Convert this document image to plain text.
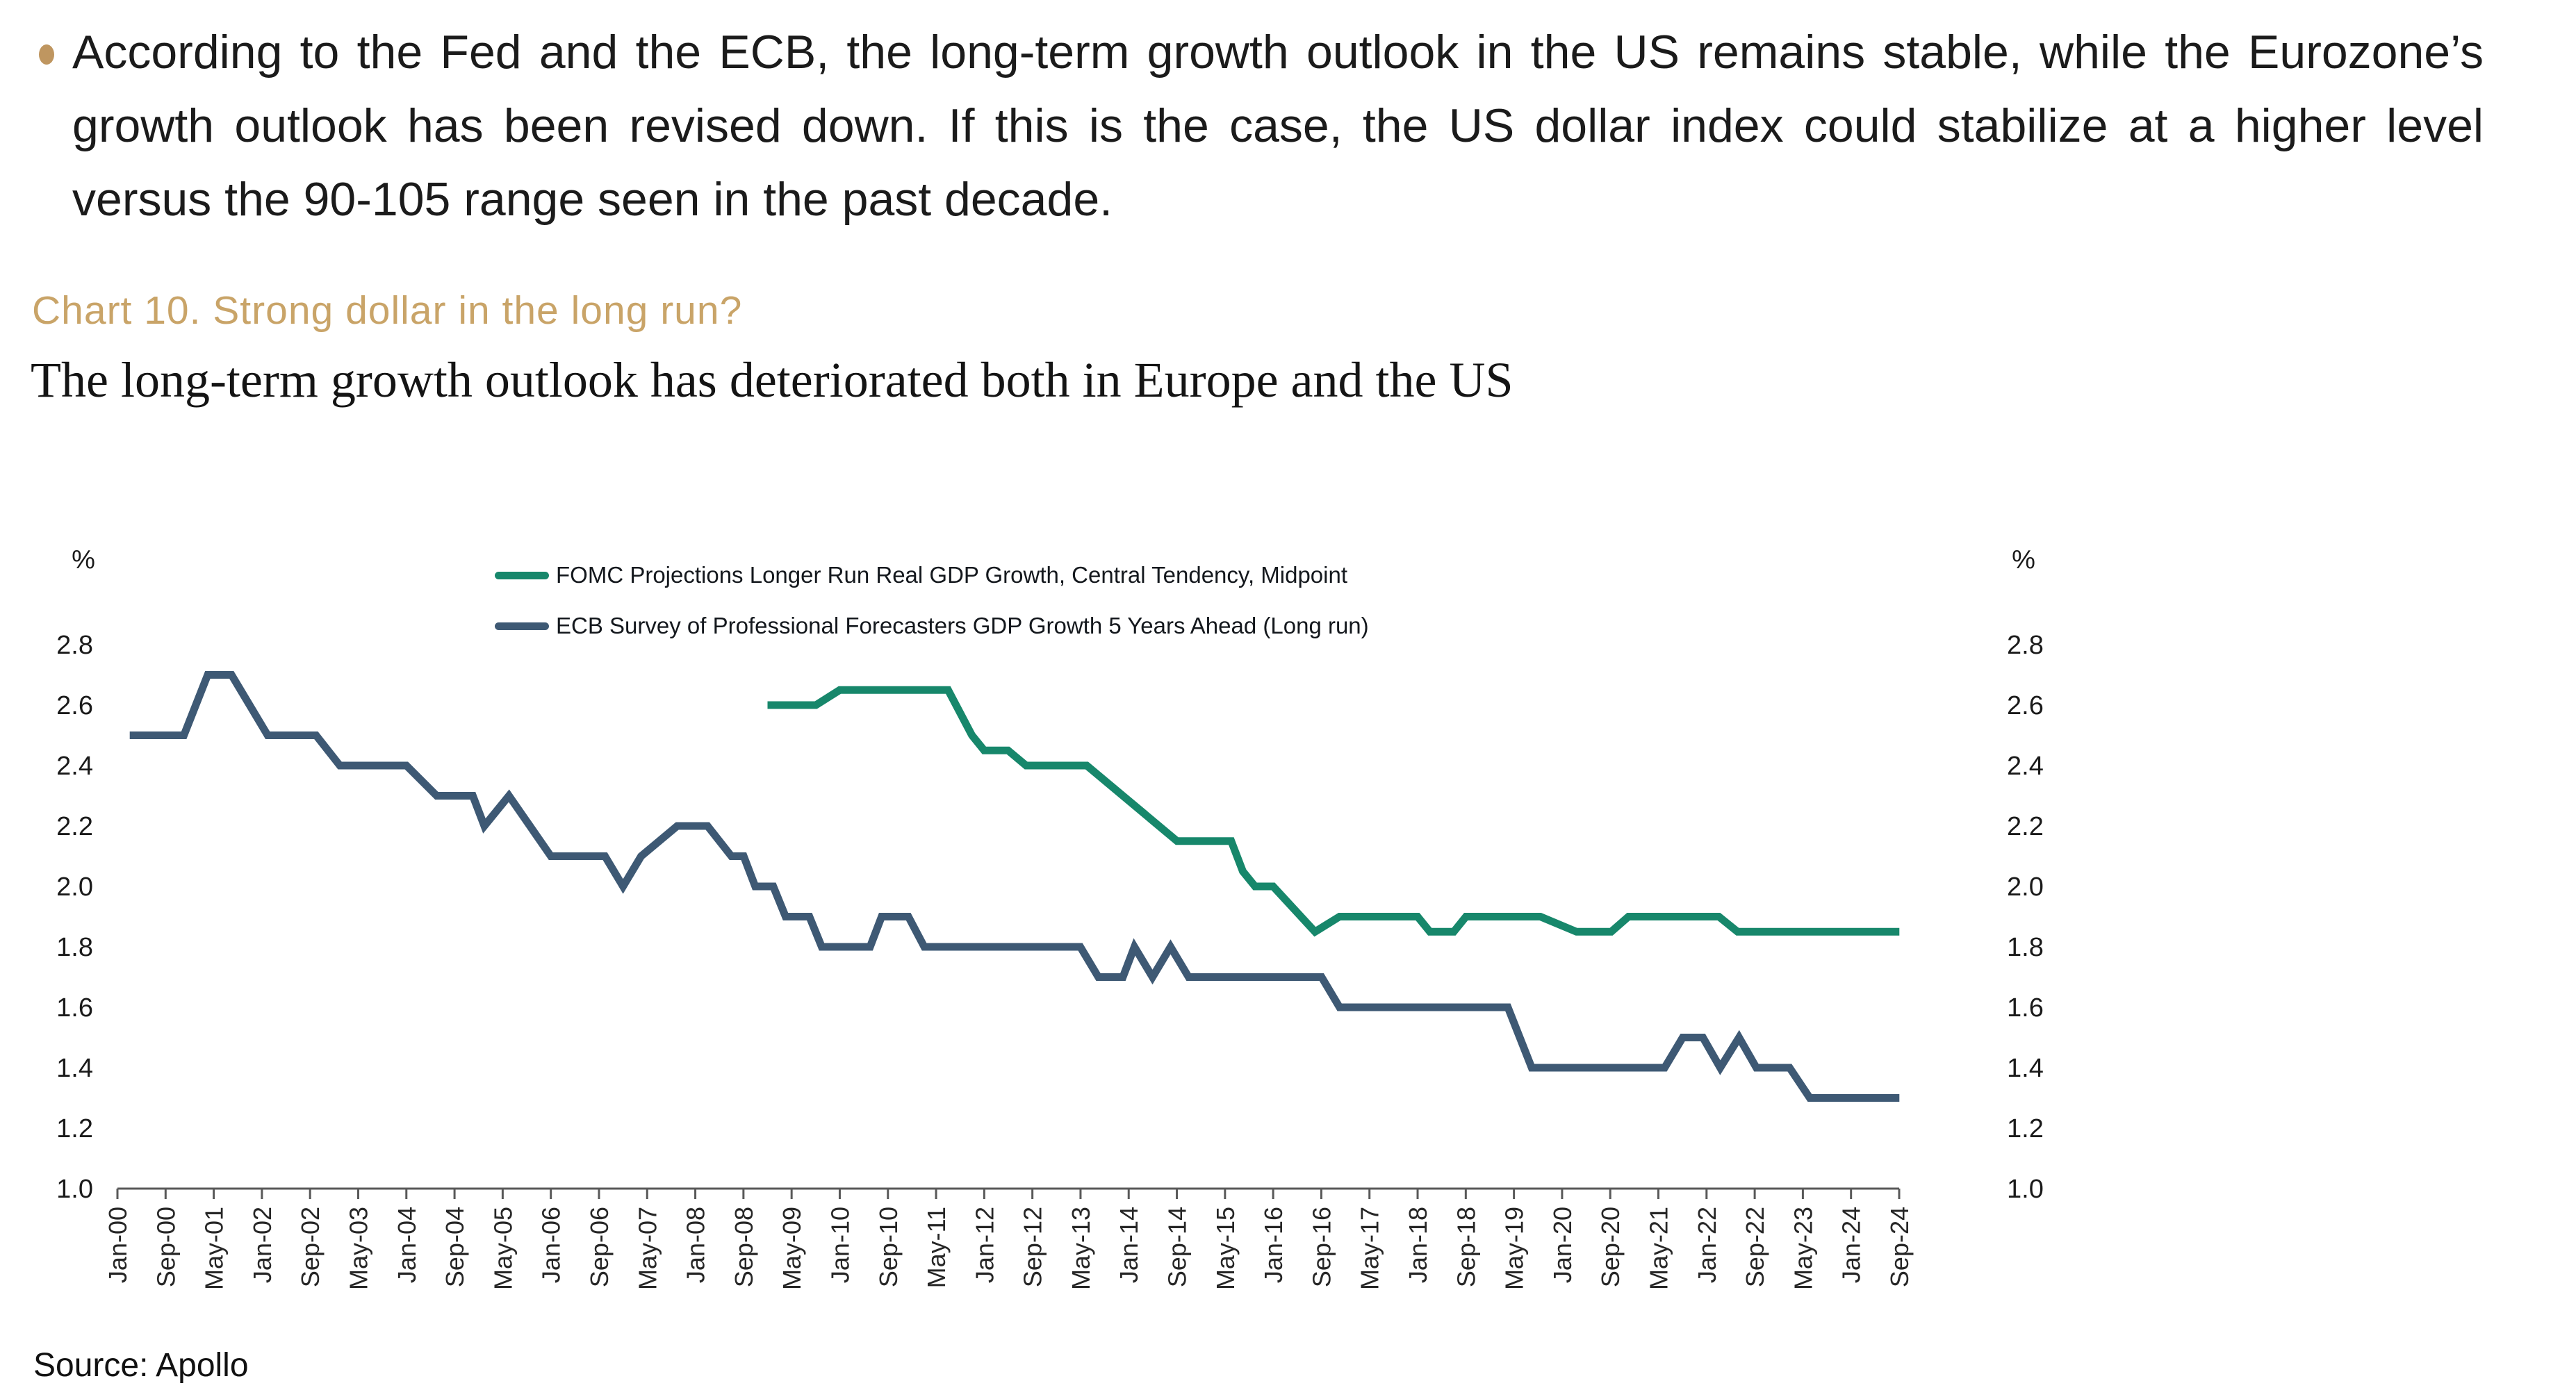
According to the Fed and the ECB, the long-term growth outlook in the US remains stable, while the Eurozone’s growth outlook has been revised down. If this is the case, the US dollar index could stabilize at a higher level versus the 90-105 range seen in the past decade.

Chart 10. Strong dollar in the long run?
The long-term growth outlook has deteriorated both in Europe and the US
Jan-00 Sep-00 May-01 Jan-02 Sep-02 May-03 Jan-04 Sep-04 May-05 Jan-06 Sep-06 May-07 Jan-08 Sep-08 May-09 Jan-10 Sep-10 May-11 Jan-12 Sep-12 May-13 Jan-14 Sep-14 May-15 Jan-16 Sep-16 May-17 Jan-18 Sep-18 May-19 Jan-20 Sep-20 May-21 Jan-22 Sep-22 May-23 Jan-24 Sep-24
2.8
2.6
2.4
2.2
2.0
1.8
1.6
1.4
1.2
1.0
%
2.8
2.6
2.4
2.2
2.0
1.8
1.6
1.4
1.2
1.0
%
FOMC Projections Longer Run Real GDP Growth, Central Tendency, Midpoint
ECB Survey of Professional Forecasters GDP Growth 5 Years Ahead (Long run)
Source: Apollo
